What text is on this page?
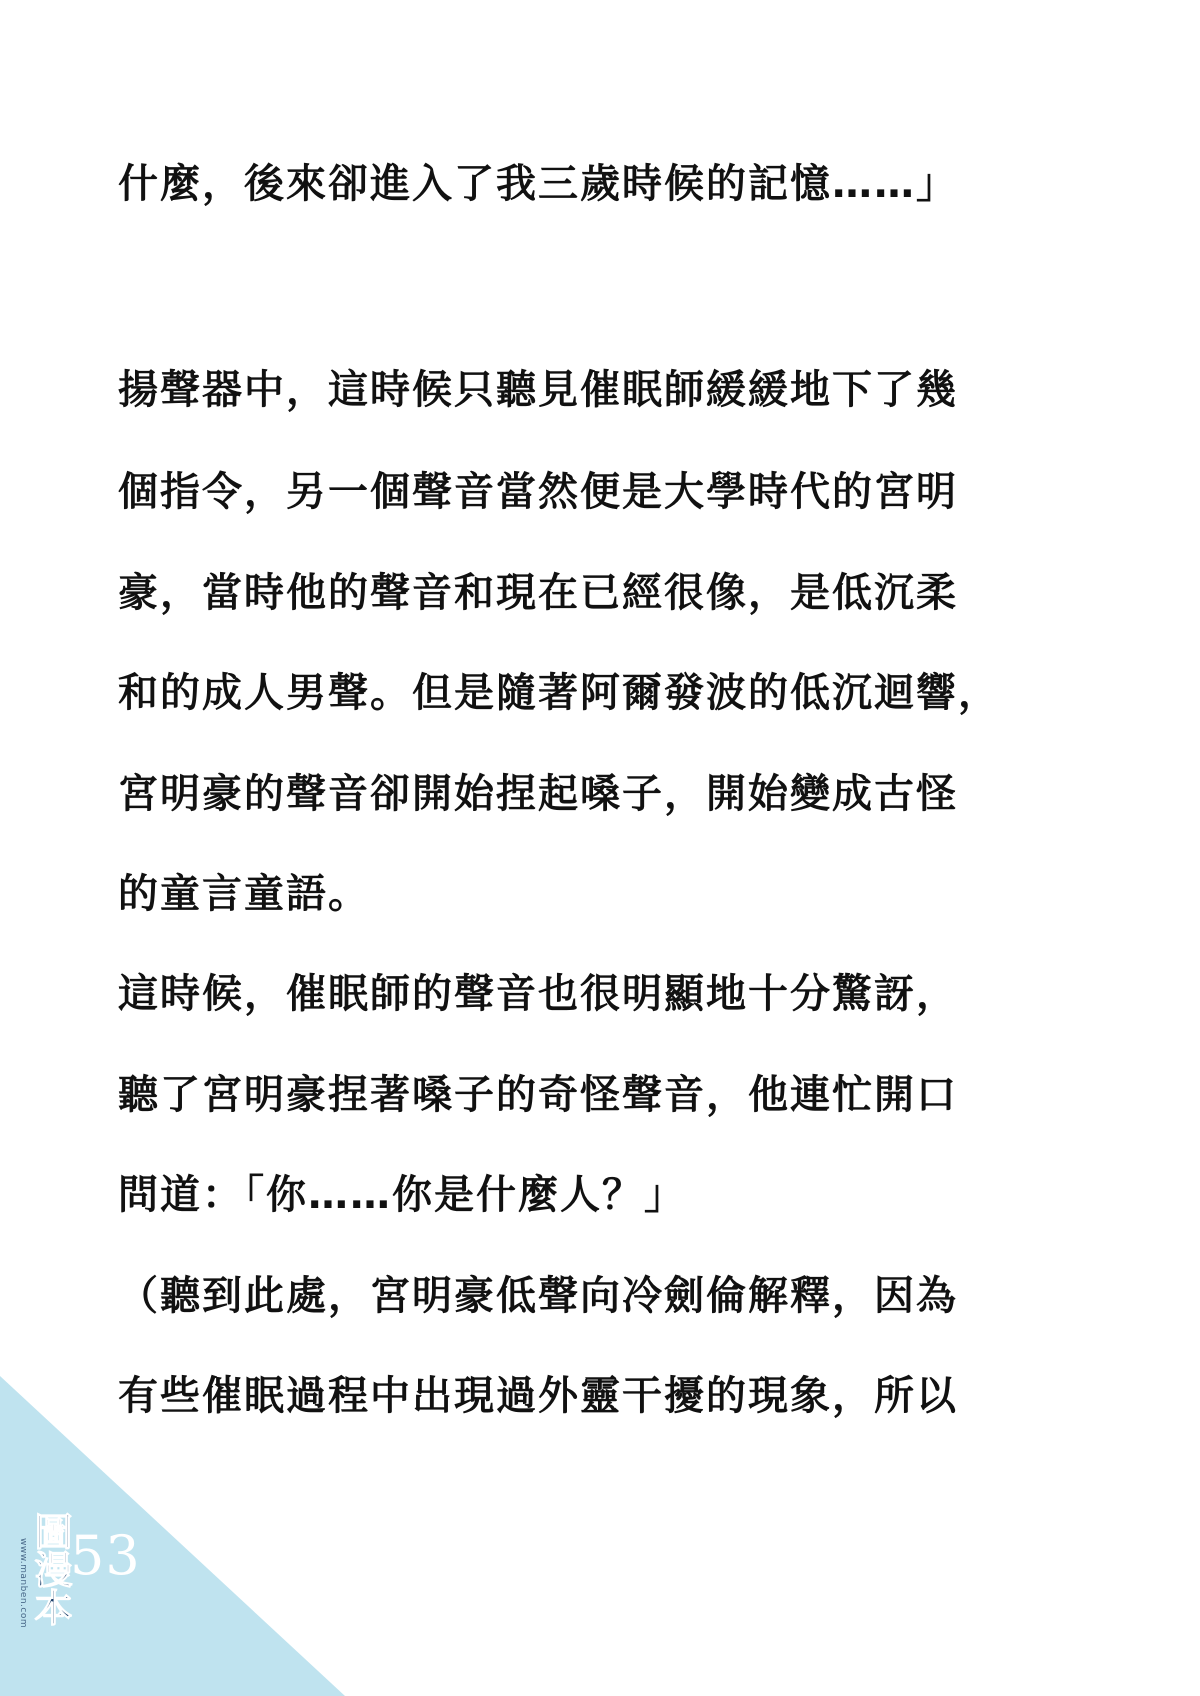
什麼，後來卻進入了我三歲時候的記憶……」
揚聲器中，這時候只聽見催眠師緩緩地下了幾
個指令，另一個聲音當然便是大學時代的宮明
豪，當時他的聲音和現在已經很像，是低沉柔
和的成人男聲。但是隨著阿爾發波的低沉迴響，
宮明豪的聲音卻開始捏起嗓子，開始變成古怪
的童言童語。
這時候，催眠師的聲音也很明顯地十分驚訝，
聽了宮明豪捏著嗓子的奇怪聲音，他連忙開口
問道：「你……你是什麼人？」
（聽到此處，宮明豪低聲向冷劍倫解釋，因為
有些催眠過程中出現過外靈干擾的現象，所以
53
www.manben.com 圖漫本
